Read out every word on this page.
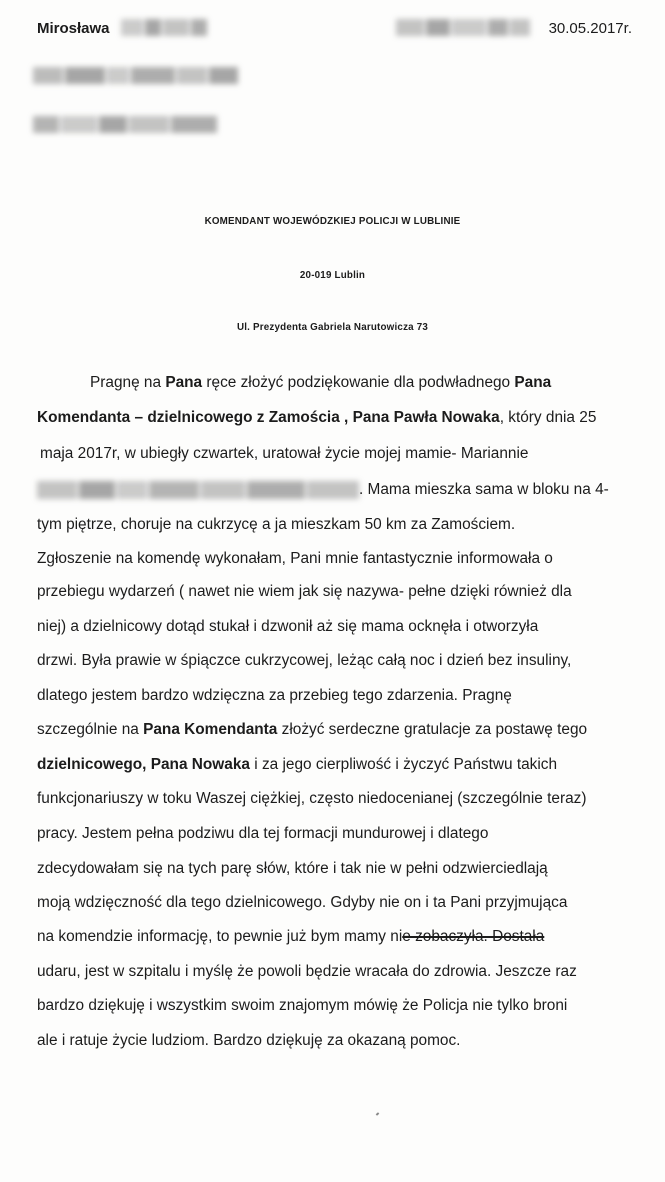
Mirosława	30.05.2017r.
KOMENDANT WOJEWÓDZKIEJ POLICJI W LUBLINIE
20-019 Lublin
Ul. Prezydenta Gabriela Narutowicza 73
Pragnę na Pana ręce złożyć podziękowanie dla podwładnego Pana
Komendanta – dzielnicowego z Zamościa , Pana Pawła Nowaka, który dnia 25
maja 2017r, w ubiegły czwartek, uratował życie mojej mamie- Mariannie
. Mama mieszka sama w bloku na 4-
tym piętrze, choruje na cukrzycę a ja mieszkam 50 km za Zamościem.
Zgłoszenie na komendę wykonałam, Pani mnie fantastycznie informowała o
przebiegu wydarzeń ( nawet nie wiem jak się nazywa- pełne dzięki również dla
niej) a dzielnicowy dotąd stukał i dzwonił aż się mama ocknęła i otworzyła
drzwi. Była prawie w śpiączce cukrzycowej, leżąc całą noc i dzień bez insuliny,
dlatego jestem bardzo wdzięczna za przebieg tego zdarzenia. Pragnę
szczególnie na Pana Komendanta złożyć serdeczne gratulacje za postawę tego
dzielnicowego, Pana Nowaka i za jego cierpliwość i życzyć Państwu takich
funkcjonariuszy w toku Waszej ciężkiej, często niedocenianej (szczególnie teraz)
pracy. Jestem pełna podziwu dla tej formacji mundurowej i dlatego
zdecydowałam się na tych parę słów, które i tak nie w pełni odzwierciedlają
moją wdzięczność dla tego dzielnicowego. Gdyby nie on i ta Pani przyjmująca
na komendzie informację, to pewnie już bym mamy nie zobaczyła. Dostała
udaru, jest w szpitalu i myślę że powoli będzie wracała do zdrowia. Jeszcze raz
bardzo dziękuję i wszystkim swoim znajomym mówię że Policja nie tylko broni
ale i ratuje życie ludziom. Bardzo dziękuję za okazaną pomoc.
